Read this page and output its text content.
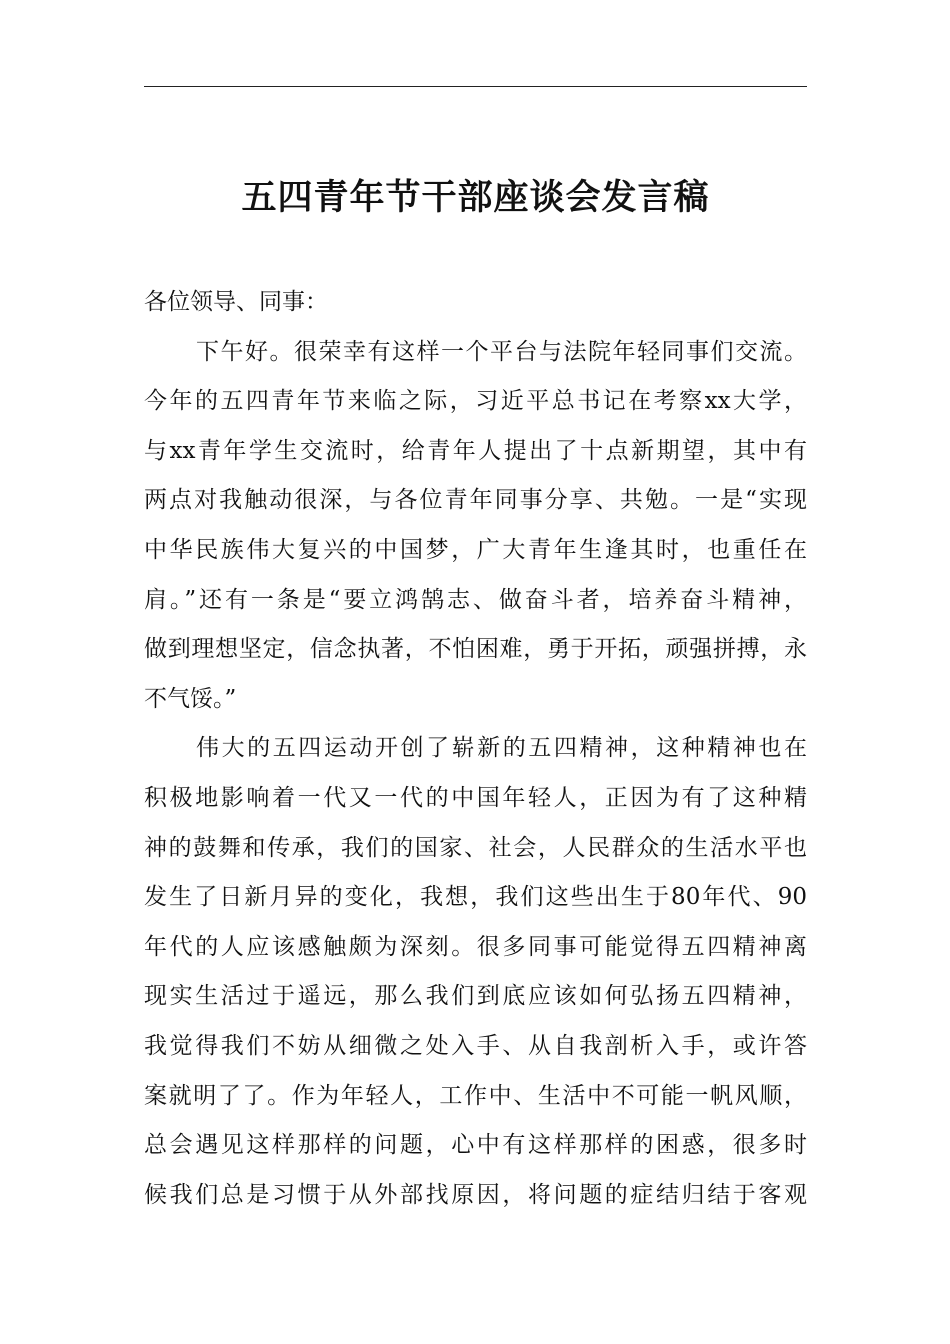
五四青年节干部座谈会发言稿
各位领导、同事：
下午好。很荣幸有这样一个平台与法院年轻同事们交流。
今年的五四青年节来临之际，习近平总书记在考察xx大学，
与xx青年学生交流时，给青年人提出了十点新期望，其中有
两点对我触动很深，与各位青年同事分享、共勉。一是“实现
中华民族伟大复兴的中国梦，广大青年生逢其时，也重任在
肩。”还有一条是“要立鸿鹄志、做奋斗者，培养奋斗精神，
做到理想坚定，信念执著，不怕困难，勇于开拓，顽强拼搏，永
不气馁。”
伟大的五四运动开创了崭新的五四精神，这种精神也在
积极地影响着一代又一代的中国年轻人，正因为有了这种精
神的鼓舞和传承，我们的国家、社会，人民群众的生活水平也
发生了日新月异的变化，我想，我们这些出生于80年代、90
年代的人应该感触颇为深刻。很多同事可能觉得五四精神离
现实生活过于遥远，那么我们到底应该如何弘扬五四精神，
我觉得我们不妨从细微之处入手、从自我剖析入手，或许答
案就明了了。作为年轻人，工作中、生活中不可能一帆风顺，
总会遇见这样那样的问题，心中有这样那样的困惑，很多时
候我们总是习惯于从外部找原因，将问题的症结归结于客观
